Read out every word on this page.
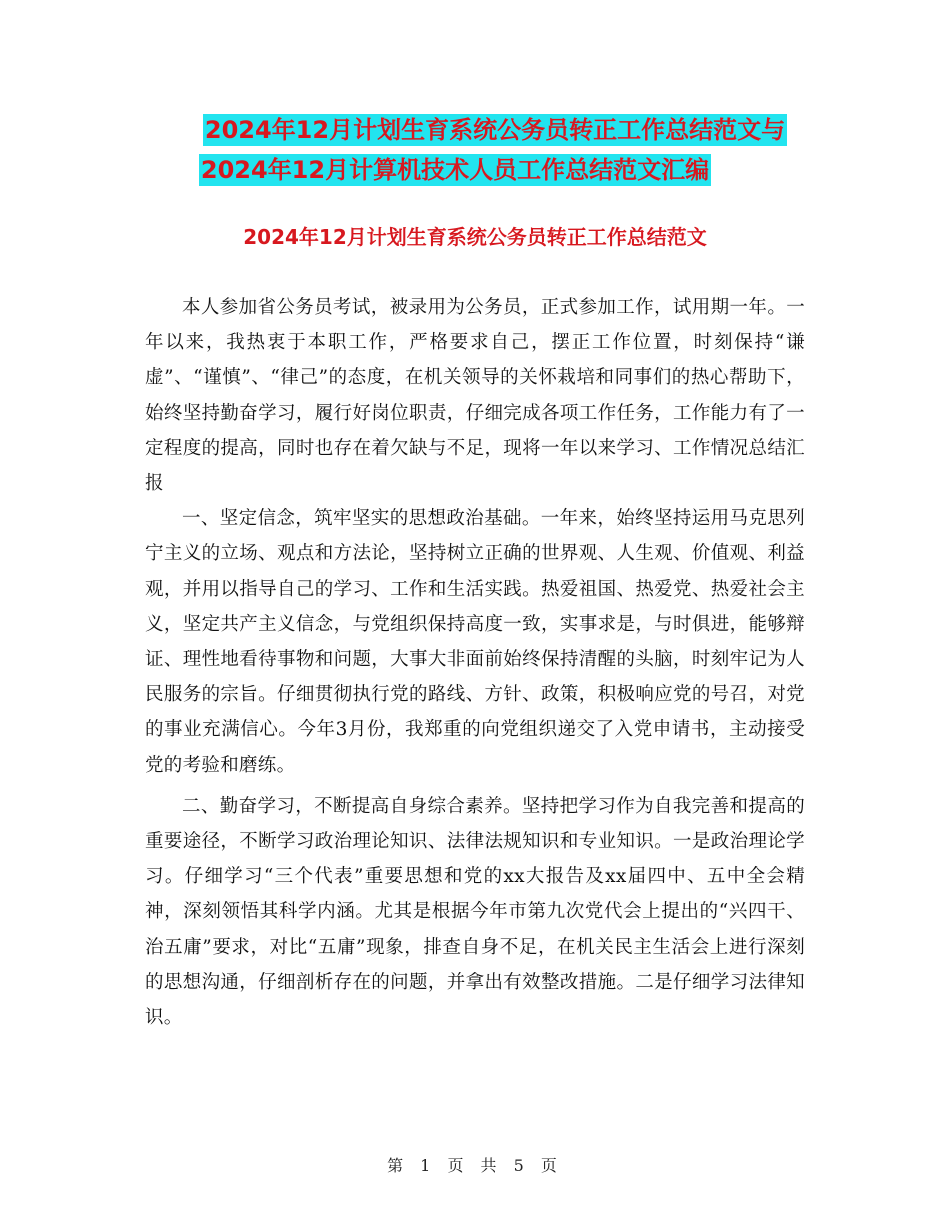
2024年12月计划生育系统公务员转正工作总结范文与
2024年12月计算机技术人员工作总结范文汇编
2024年12月计划生育系统公务员转正工作总结范文

本人参加省公务员考试，被录用为公务员，正式参加工作，试用期一年。一年以来，我热衷于本职工作，严格要求自己，摆正工作位置，时刻保持“谦虚”、“谨慎”、“律己”的态度，在机关领导的关怀栽培和同事们的热心帮助下，始终坚持勤奋学习，履行好岗位职责，仔细完成各项工作任务，工作能力有了一定程度的提高，同时也存在着欠缺与不足，现将一年以来学习、工作情况总结汇报

一、坚定信念，筑牢坚实的思想政治基础。一年来，始终坚持运用马克思列宁主义的立场、观点和方法论，坚持树立正确的世界观、人生观、价值观、利益观，并用以指导自己的学习、工作和生活实践。热爱祖国、热爱党、热爱社会主义，坚定共产主义信念，与党组织保持高度一致，实事求是，与时俱进，能够辩证、理性地看待事物和问题，大事大非面前始终保持清醒的头脑，时刻牢记为人民服务的宗旨。仔细贯彻执行党的路线、方针、政策，积极响应党的号召，对党的事业充满信心。今年3月份，我郑重的向党组织递交了入党申请书，主动接受党的考验和磨练。

二、勤奋学习，不断提高自身综合素养。坚持把学习作为自我完善和提高的重要途径，不断学习政治理论知识、法律法规知识和专业知识。一是政治理论学习。仔细学习“三个代表”重要思想和党的xx大报告及xx届四中、五中全会精神，深刻领悟其科学内涵。尤其是根据今年市第九次党代会上提出的“兴四干、治五庸”要求，对比“五庸”现象，排查自身不足，在机关民主生活会上进行深刻的思想沟通，仔细剖析存在的问题，并拿出有效整改措施。二是仔细学习法律知识。

第 1 页 共 5 页
